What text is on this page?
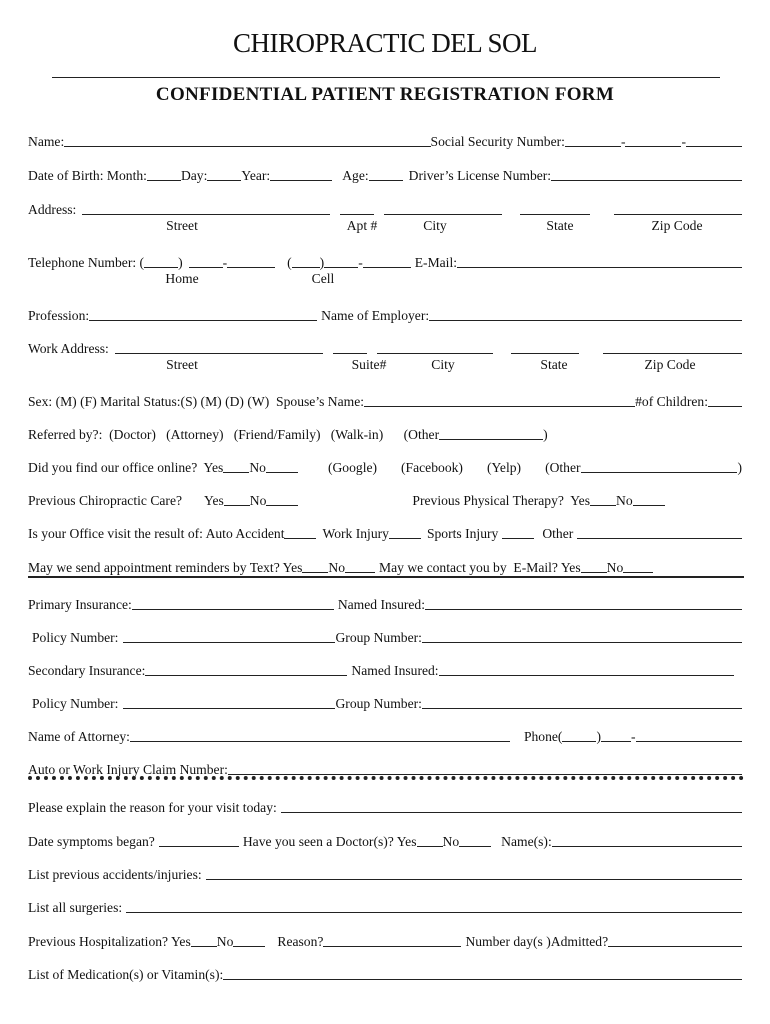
CHIROPRACTIC DEL SOL
CONFIDENTIAL PATIENT REGISTRATION FORM
Name:	Social Security Number:	-	-
Date of Birth: Month:	Day:	Year:	Age:	Driver’s License Number:
Address:
Street	Apt #	City	State	Zip Code
Telephone Number: (	)	-	( )	-	E-Mail:
Home	Cell
Profession:	Name of Employer:
Work Address:
Street	Suite#	City	State	Zip Code
Sex: (M) (F) Marital Status:(S) (M) (D) (W)  Spouse’s Name:	#of Children:
Referred by?:  (Doctor)   (Attorney)   (Friend/Family)   (Walk-in)      (Other	)
Did you find our office online?  Yes No	(Google) (Facebook) (Yelp) (Other	)
Previous Chiropractic Care? Yes No	Previous Physical Therapy?  Yes No
Is your Office visit the result of: Auto Accident	Work Injury	Sports Injury	Other
May we send appointment reminders by Text? Yes No	May we contact you by  E-Mail? Yes No
Primary Insurance:	Named Insured:
Policy Number:	Group Number:
Secondary Insurance:	Named Insured:
Policy Number:	Group Number:
Name of Attorney:	Phone(	) -
Auto or Work Injury Claim Number:
Please explain the reason for your visit today:
Date symptoms began?	Have you seen a Doctor(s)? Yes No	Name(s):
List previous accidents/injuries:
List all surgeries:
Previous Hospitalization? Yes No	Reason?	Number day(s )Admitted?
List of Medication(s) or Vitamin(s):
